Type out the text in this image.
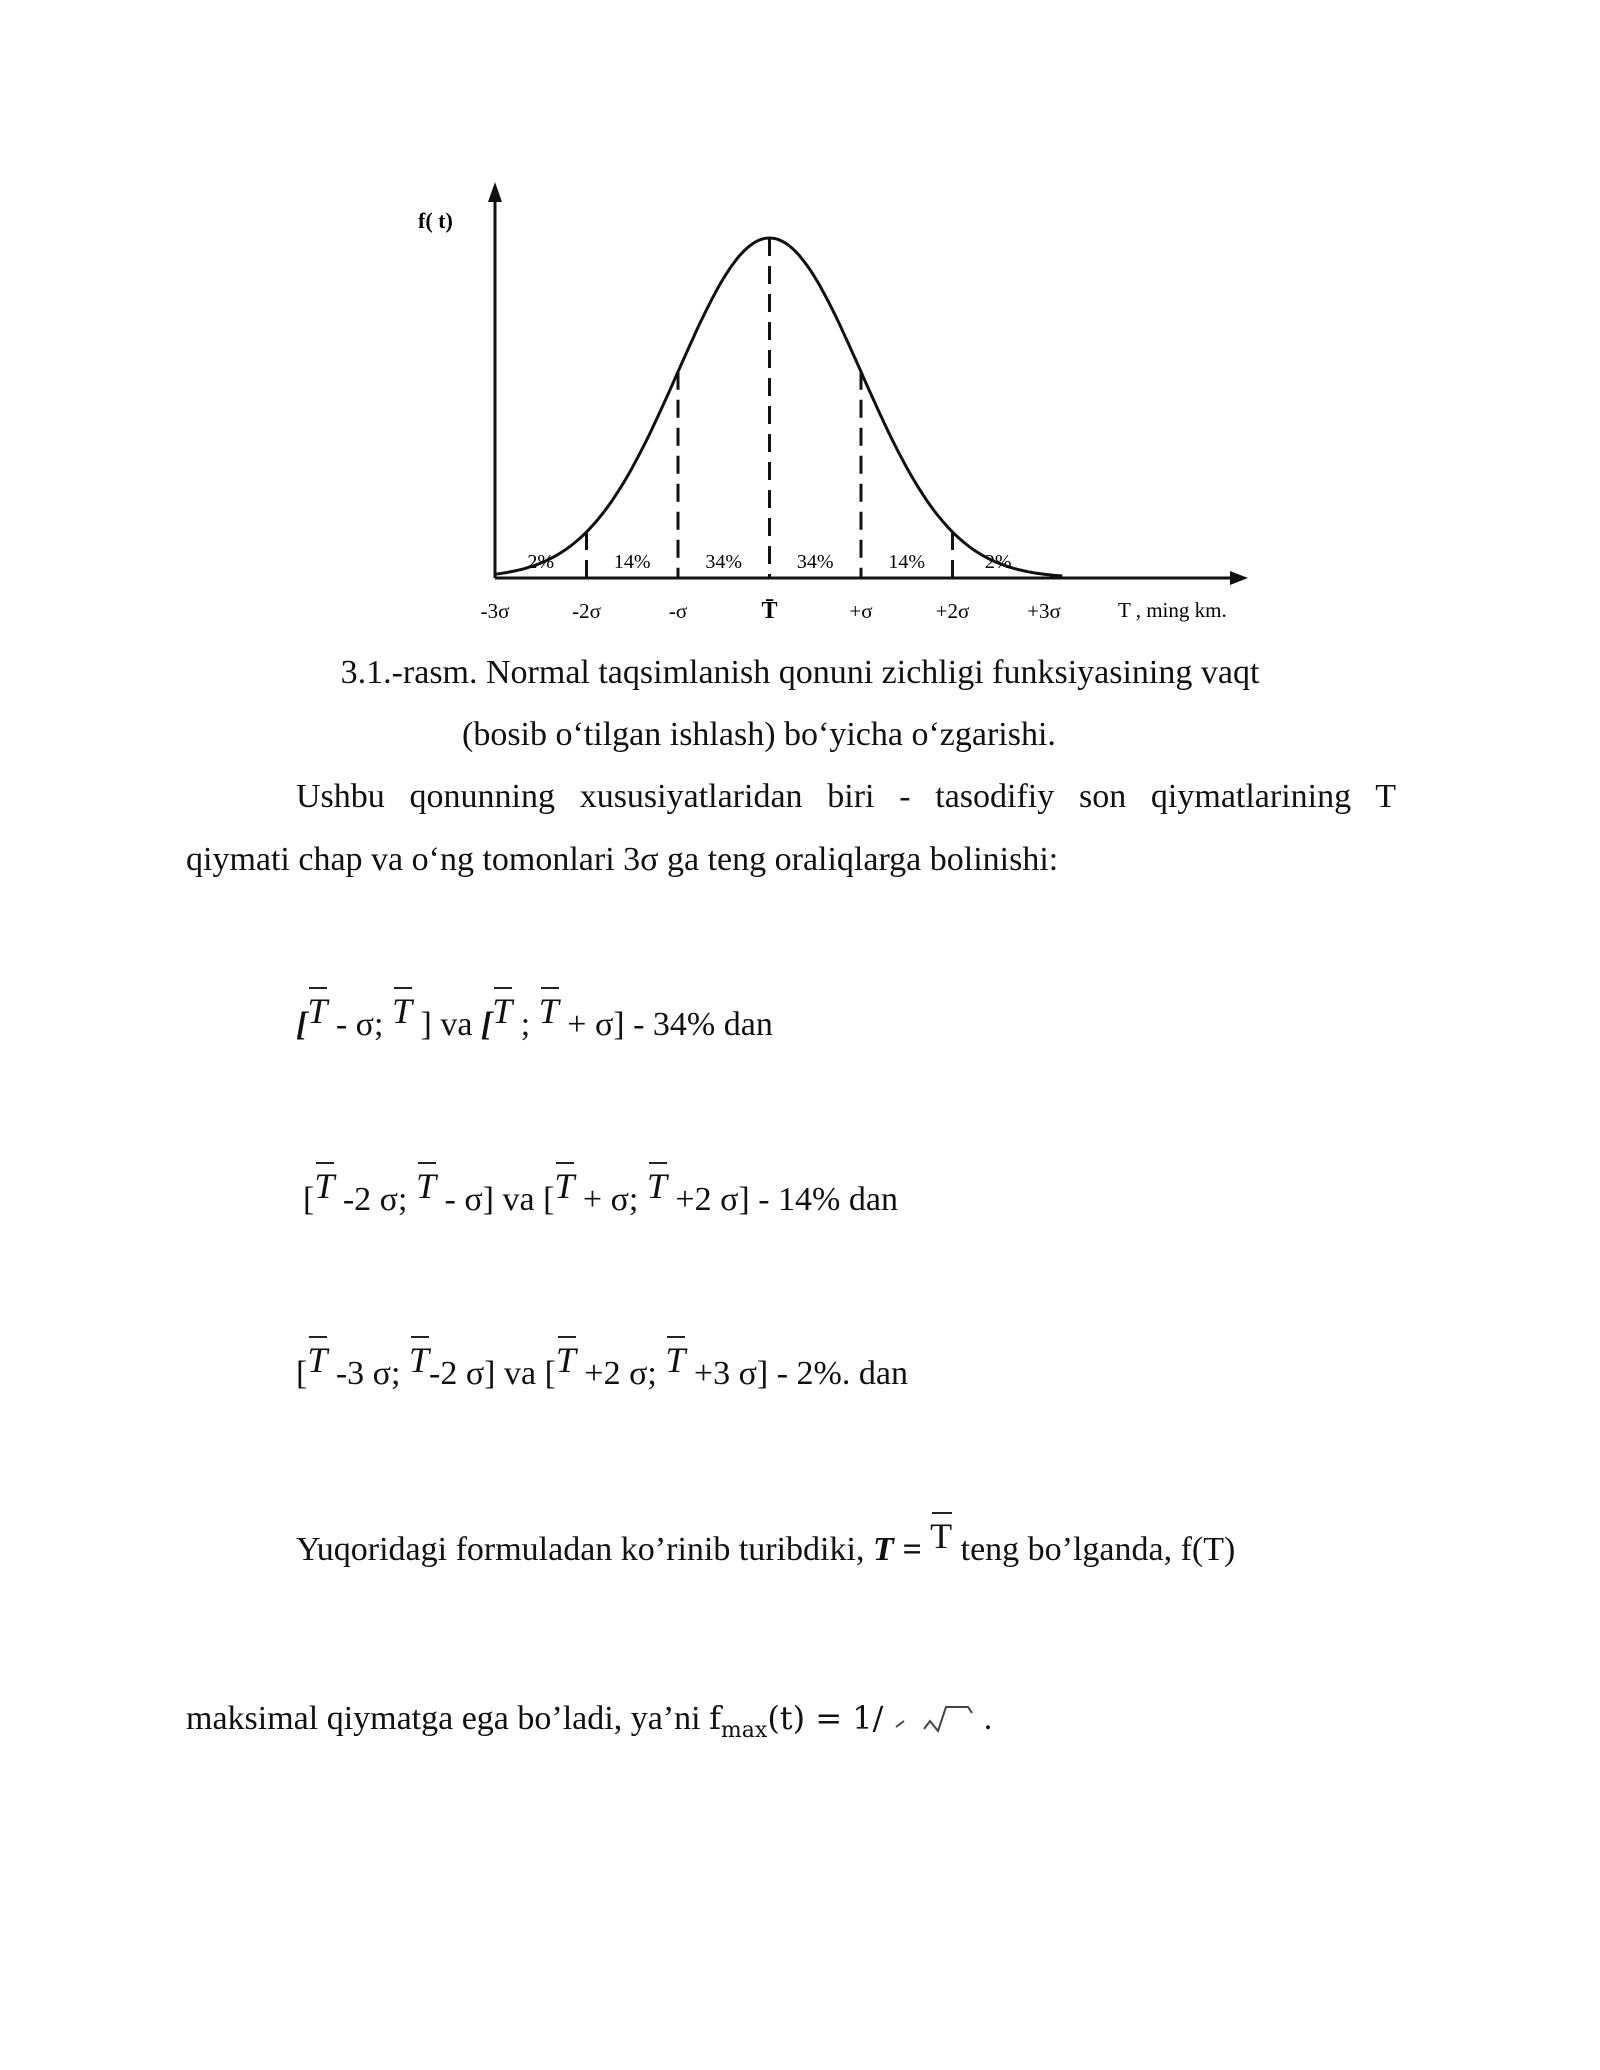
2%	14%	34%	34%	14%	2%
-3σ	-2σ	-σ	T̄	+σ	+2σ	+3σ
f( t)
T , ming km.
3.1.-rasm. Normal taqsimlanish qonuni zichligi funksiyasining vaqt
(bosib o‘tilgan ishlash) bo‘yicha o‘zgarishi.
Ushbu qonunning xususiyatlaridan biri - tasodifiy son qiymatlarining T
qiymati chap va o‘ng tomonlari 3σ ga teng oraliqlarga bolinishi:
[T - σ; T ] va [T ; T + σ] - 34% dan
[T -2 σ; T - σ] va [T + σ; T +2 σ] - 14% dan
[T -3 σ; T-2 σ] va [T +2 σ; T +3 σ] - 2%. dan
Yuqoridagi formuladan ko’rinib turibdiki, T = T teng bo’lganda, f(T)
maksimal qiymatga ega bo’ladi, ya’ni $f_{max}(t) = 1/$	.
